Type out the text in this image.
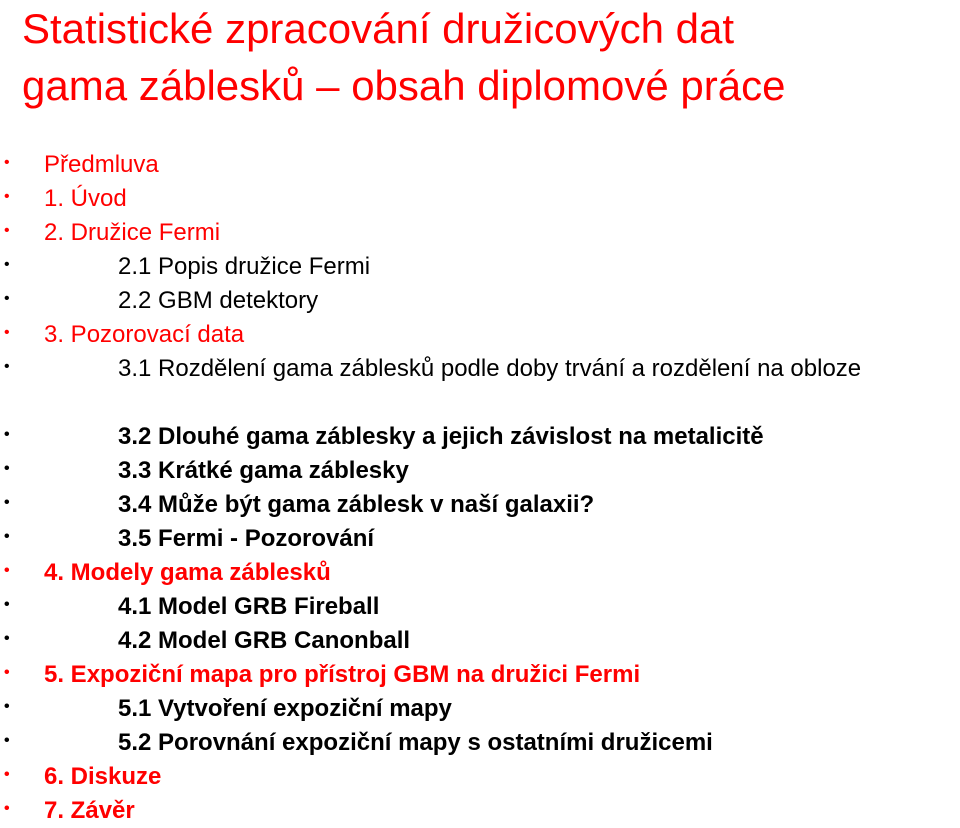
Statistické zpracování družicových dat
gama záblesků – obsah diplomové práce
• Předmluva
• 1. Úvod
• 2. Družice Fermi
•	2.1 Popis družice Fermi
•	2.2 GBM detektory
• 3. Pozorovací data
•	3.1 Rozdělení gama záblesků podle doby trvání a rozdělení na obloze
•	3.2 Dlouhé gama záblesky a jejich závislost na metalicitě
•	3.3 Krátké gama záblesky
•	3.4 Může být gama záblesk v naší galaxii?
•	3.5 Fermi - Pozorování
• 4. Modely gama záblesků
•	4.1 Model GRB Fireball
•	4.2 Model GRB Canonball
• 5. Expoziční mapa pro přístroj GBM na družici Fermi
•	5.1 Vytvoření expoziční mapy
•	5.2 Porovnání expoziční mapy s ostatními družicemi
• 6. Diskuze
• 7. Závěr
